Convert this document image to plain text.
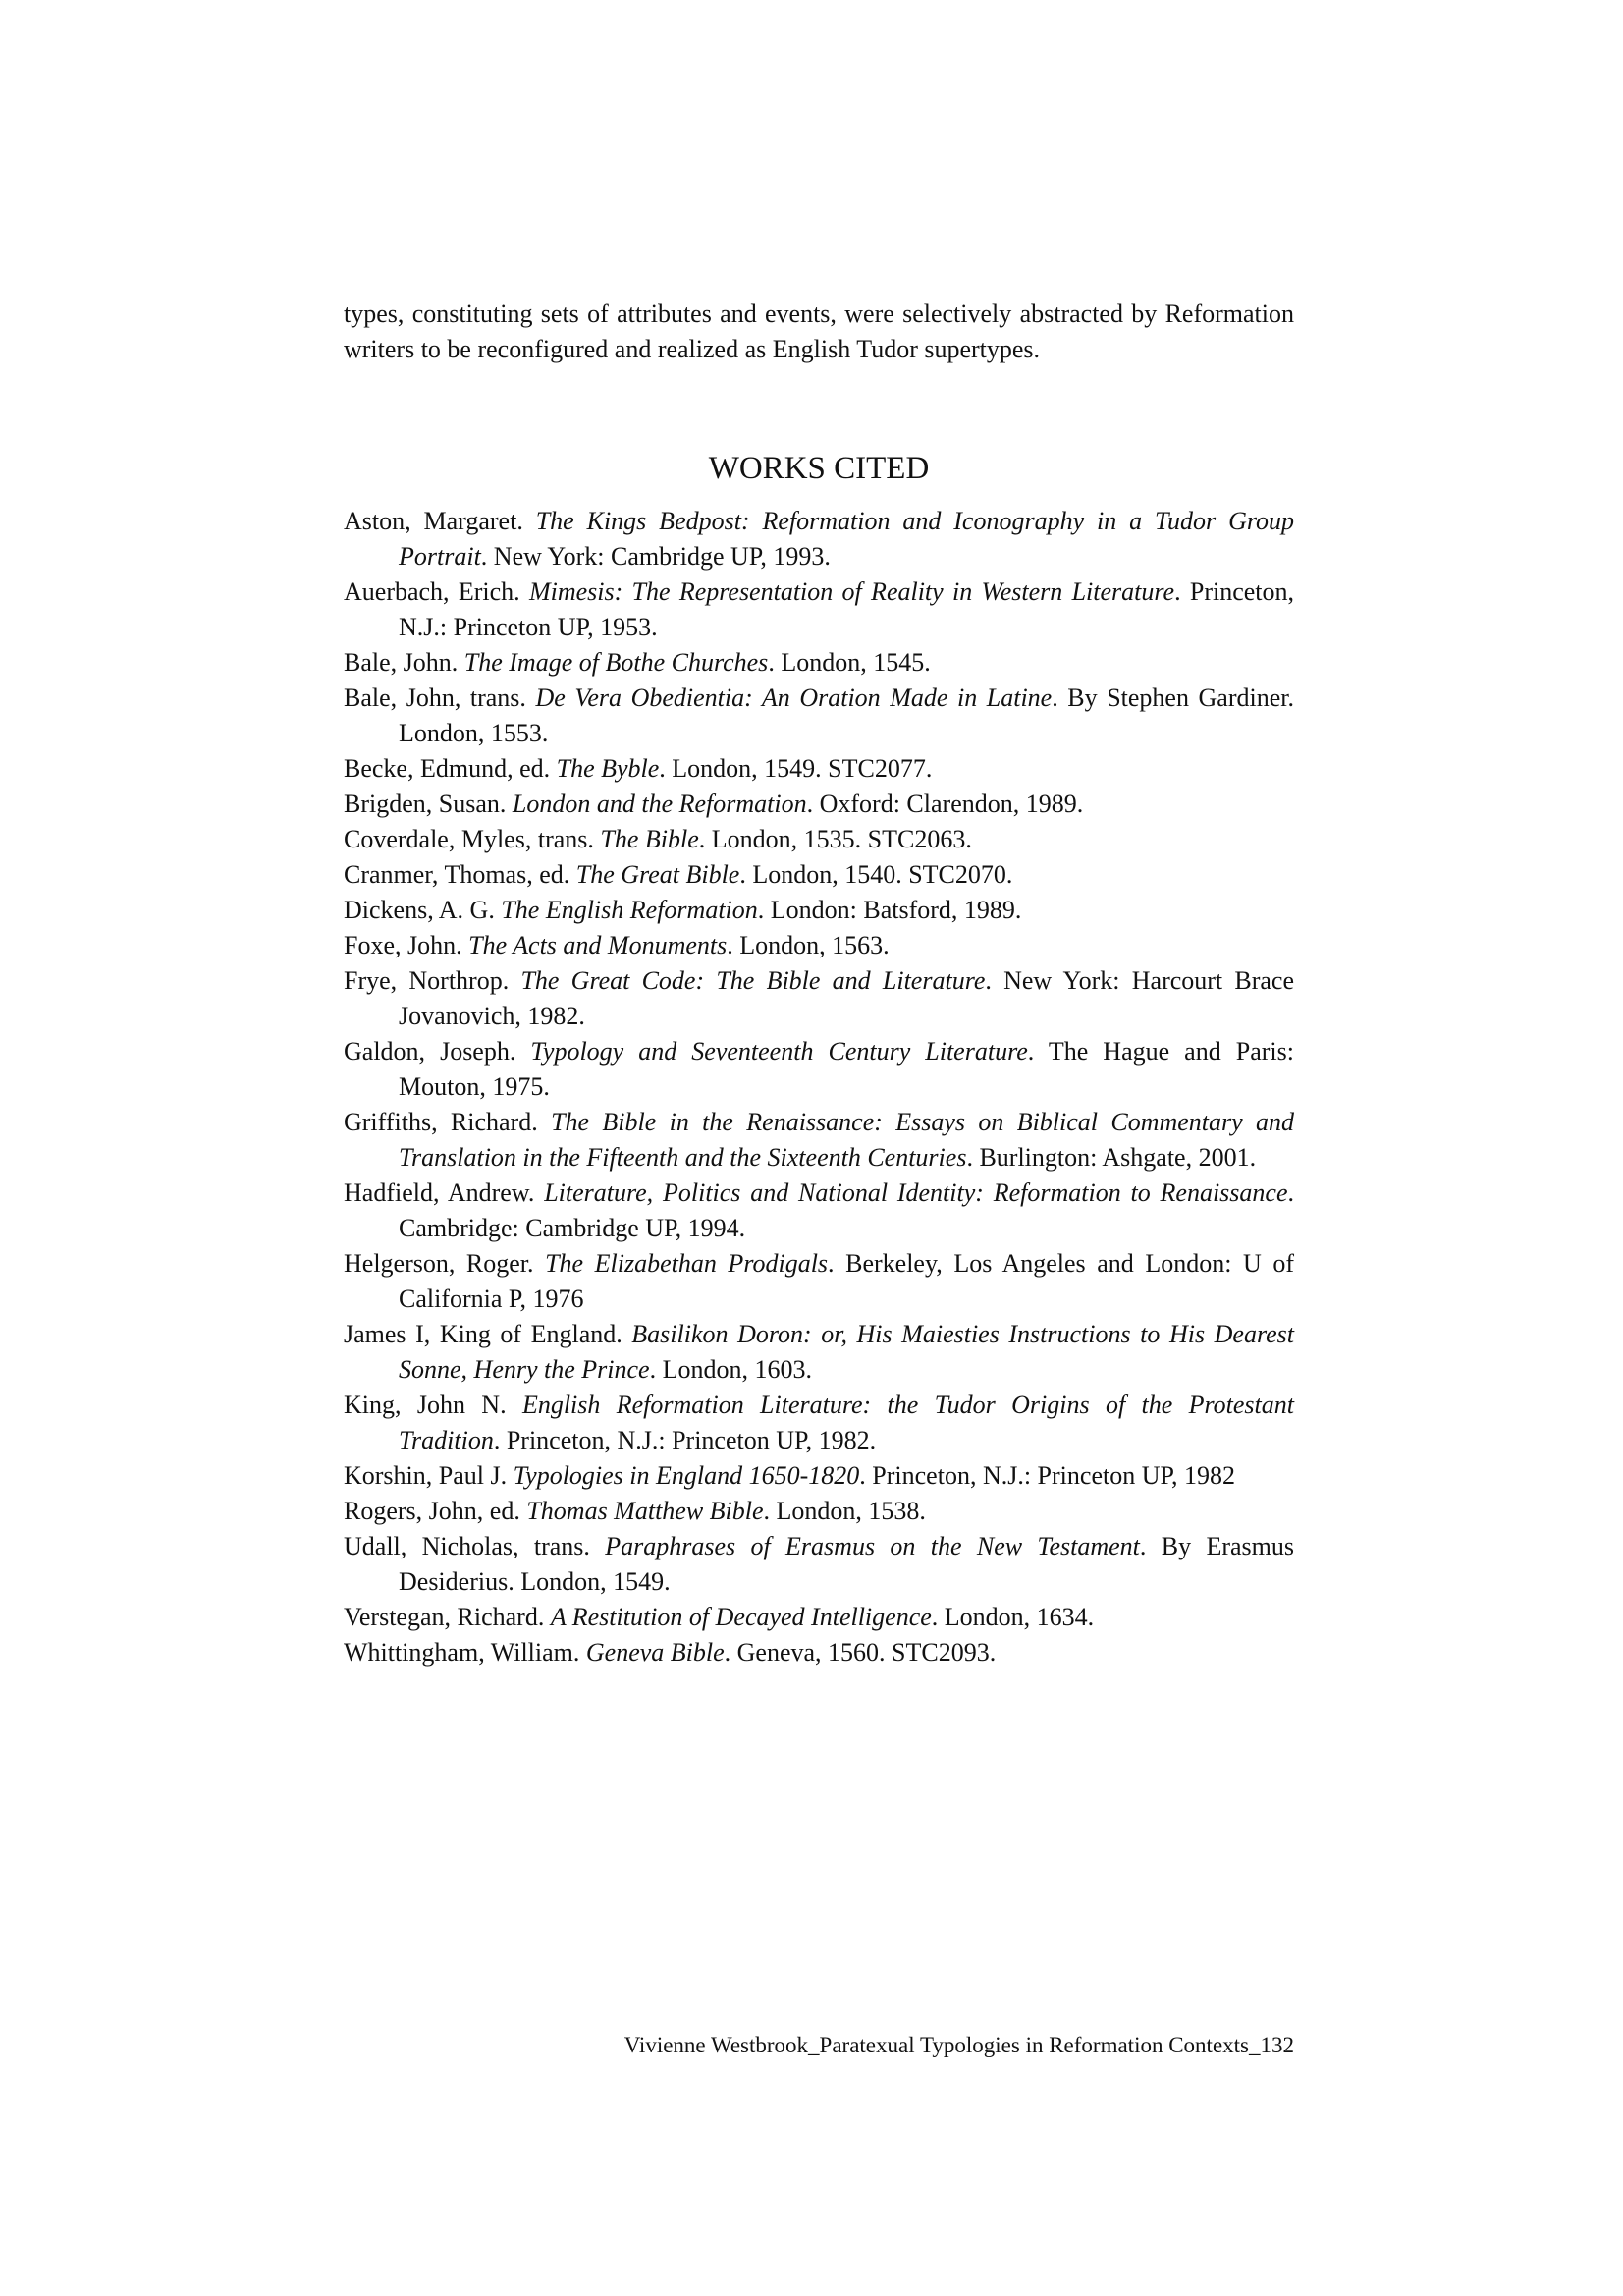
types, constituting sets of attributes and events, were selectively abstracted by Reformation writers to be reconfigured and realized as English Tudor supertypes.

WORKS CITED

Aston, Margaret. The Kings Bedpost: Reformation and Iconography in a Tudor Group Portrait. New York: Cambridge UP, 1993.

Auerbach, Erich. Mimesis: The Representation of Reality in Western Literature. Princeton, N.J.: Princeton UP, 1953.

Bale, John. The Image of Bothe Churches. London, 1545.

Bale, John, trans. De Vera Obedientia: An Oration Made in Latine. By Stephen Gardiner. London, 1553.

Becke, Edmund, ed. The Byble. London, 1549. STC2077.

Brigden, Susan. London and the Reformation. Oxford: Clarendon, 1989.

Coverdale, Myles, trans. The Bible. London, 1535. STC2063.

Cranmer, Thomas, ed. The Great Bible. London, 1540. STC2070.

Dickens, A. G. The English Reformation. London: Batsford, 1989.

Foxe, John. The Acts and Monuments. London, 1563.

Frye, Northrop. The Great Code: The Bible and Literature. New York: Harcourt Brace Jovanovich, 1982.

Galdon, Joseph. Typology and Seventeenth Century Literature. The Hague and Paris: Mouton, 1975.

Griffiths, Richard. The Bible in the Renaissance: Essays on Biblical Commentary and Translation in the Fifteenth and the Sixteenth Centuries. Burlington: Ashgate, 2001.

Hadfield, Andrew. Literature, Politics and National Identity: Reformation to Renaissance. Cambridge: Cambridge UP, 1994.

Helgerson, Roger. The Elizabethan Prodigals. Berkeley, Los Angeles and London: U of California P, 1976

James I, King of England. Basilikon Doron: or, His Maiesties Instructions to His Dearest Sonne, Henry the Prince. London, 1603.

King, John N. English Reformation Literature: the Tudor Origins of the Protestant Tradition. Princeton, N.J.: Princeton UP, 1982.

Korshin, Paul J. Typologies in England 1650-1820. Princeton, N.J.: Princeton UP, 1982

Rogers, John, ed. Thomas Matthew Bible. London, 1538.

Udall, Nicholas, trans. Paraphrases of Erasmus on the New Testament. By Erasmus Desiderius. London, 1549.

Verstegan, Richard. A Restitution of Decayed Intelligence. London, 1634.

Whittingham, William. Geneva Bible. Geneva, 1560. STC2093.

Vivienne Westbrook_Paratexual Typologies in Reformation Contexts_132
